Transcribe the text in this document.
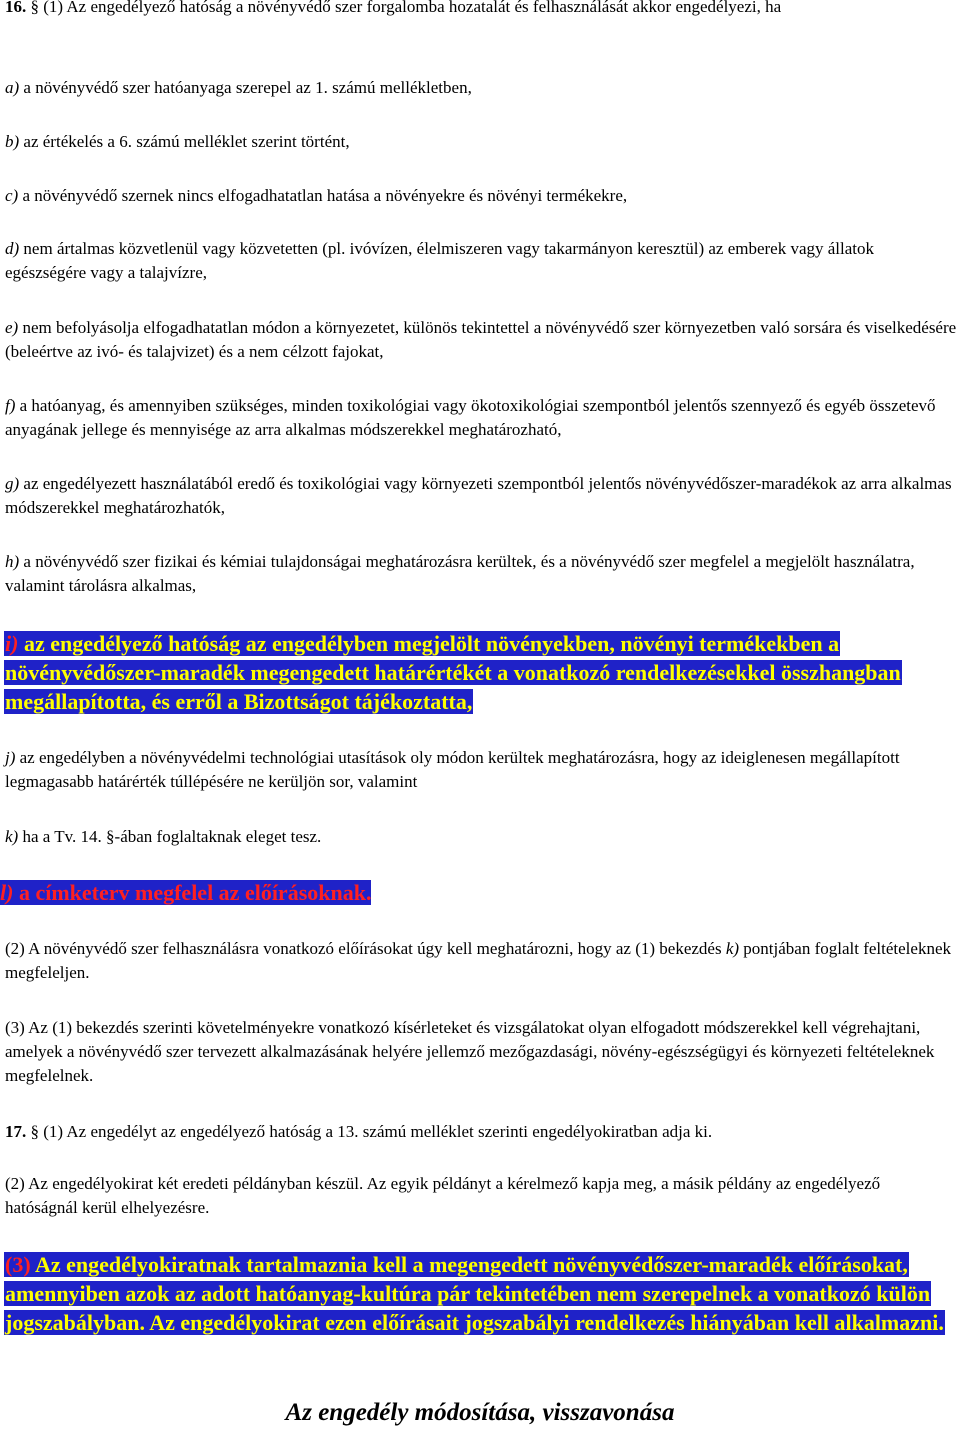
16. § (1) Az engedélyező hatóság a növényvédő szer forgalomba hozatalát és felhasználását akkor engedélyezi, ha

a) a növényvédő szer hatóanyaga szerepel az 1. számú mellékletben,

b) az értékelés a 6. számú melléklet szerint történt,

c) a növényvédő szernek nincs elfogadhatatlan hatása a növényekre és növényi termékekre,

d) nem ártalmas közvetlenül vagy közvetetten (pl. ivóvízen, élelmiszeren vagy takarmányon keresztül) az emberek vagy állatok egészségére vagy a talajvízre,

e) nem befolyásolja elfogadhatatlan módon a környezetet, különös tekintettel a növényvédő szer környezetben való sorsára és viselkedésére (beleértve az ivó- és talajvizet) és a nem célzott fajokat,

f) a hatóanyag, és amennyiben szükséges, minden toxikológiai vagy ökotoxikológiai szempontból jelentős szennyező és egyéb összetevő anyagának jellege és mennyisége az arra alkalmas módszerekkel meghatározható,

g) az engedélyezett használatából eredő és toxikológiai vagy környezeti szempontból jelentős növényvédőszer-maradékok az arra alkalmas módszerekkel meghatározhatók,

h) a növényvédő szer fizikai és kémiai tulajdonságai meghatározásra kerültek, és a növényvédő szer megfelel a megjelölt használatra, valamint tárolásra alkalmas,

i) az engedélyező hatóság az engedélyben megjelölt növényekben, növényi termékekben a növényvédőszer-maradék megengedett határértékét a vonatkozó rendelkezésekkel összhangban megállapította, és erről a Bizottságot tájékoztatta,

j) az engedélyben a növényvédelmi technológiai utasítások oly módon kerültek meghatározásra, hogy az ideiglenesen megállapított legmagasabb határérték túllépésére ne kerüljön sor, valamint

k) ha a Tv. 14. §-ában foglaltaknak eleget tesz.

l) a címketerv megfelel az előírásoknak.

(2) A növényvédő szer felhasználásra vonatkozó előírásokat úgy kell meghatározni, hogy az (1) bekezdés k) pontjában foglalt feltételeknek megfeleljen.

(3) Az (1) bekezdés szerinti követelményekre vonatkozó kísérleteket és vizsgálatokat olyan elfogadott módszerekkel kell végrehajtani, amelyek a növényvédő szer tervezett alkalmazásának helyére jellemző mezőgazdasági, növény-egészségügyi és környezeti feltételeknek megfelelnek.

17. § (1) Az engedélyt az engedélyező hatóság a 13. számú melléklet szerinti engedélyokiratban adja ki.

(2) Az engedélyokirat két eredeti példányban készül. Az egyik példányt a kérelmező kapja meg, a másik példány az engedélyező hatóságnál kerül elhelyezésre.

(3) Az engedélyokiratnak tartalmaznia kell a megengedett növényvédőszer-maradék előírásokat, amennyiben azok az adott hatóanyag-kultúra pár tekintetében nem szerepelnek a vonatkozó külön jogszabályban. Az engedélyokirat ezen előírásait jogszabályi rendelkezés hiányában kell alkalmazni.

Az engedély módosítása, visszavonása
